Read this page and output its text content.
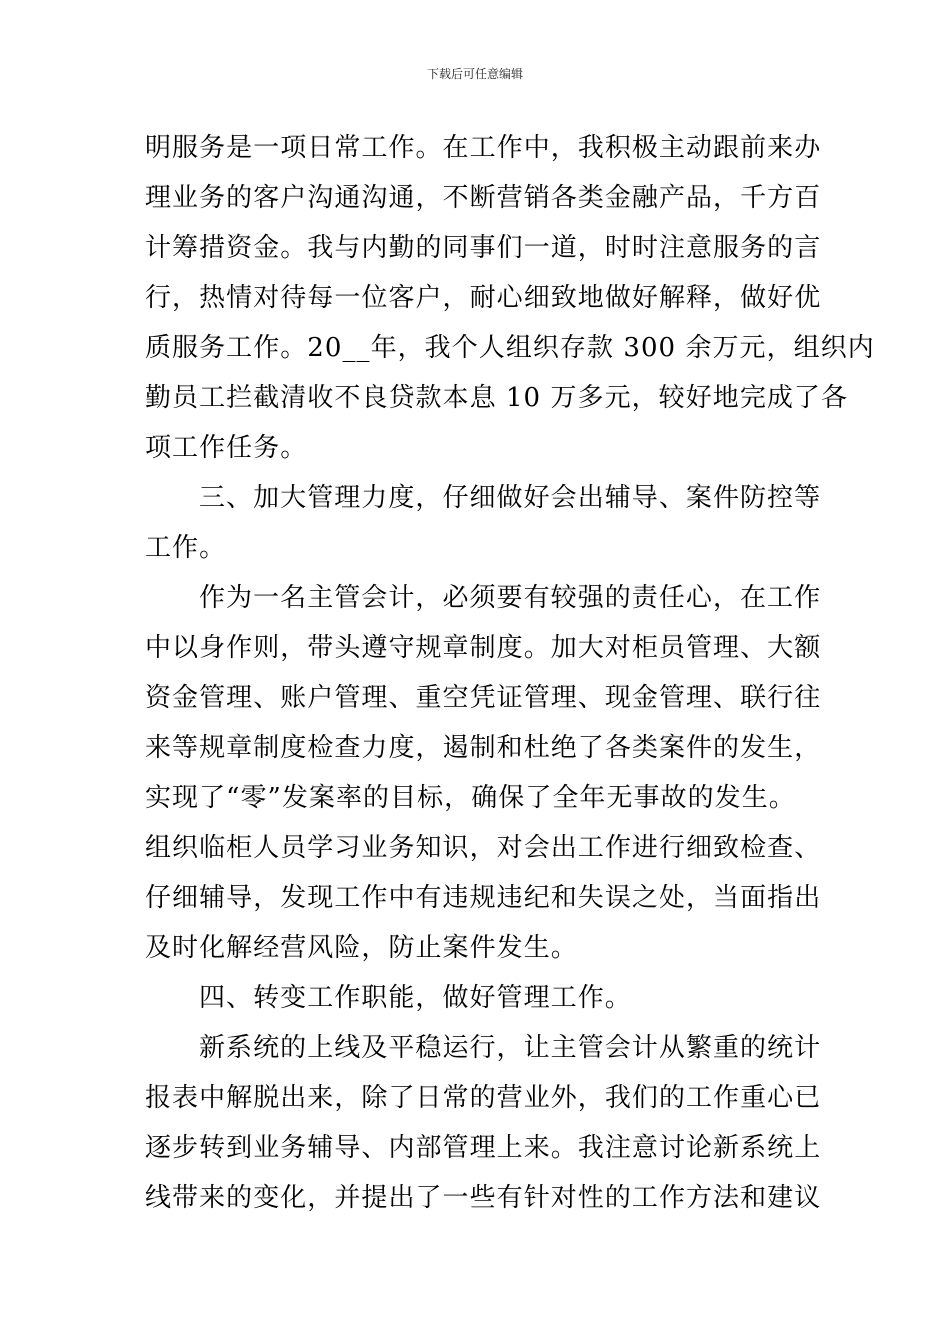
下载后可任意编辑
明服务是一项日常工作。在工作中，我积极主动跟前来办
理业务的客户沟通沟通，不断营销各类金融产品，千方百
计筹措资金。我与内勤的同事们一道，时时注意服务的言
行，热情对待每一位客户，耐心细致地做好解释，做好优
质服务工作。20__年，我个人组织存款 300 余万元，组织内
勤员工拦截清收不良贷款本息 10 万多元，较好地完成了各
项工作任务。
三、加大管理力度，仔细做好会出辅导、案件防控等
工作。
作为一名主管会计，必须要有较强的责任心，在工作
中以身作则，带头遵守规章制度。加大对柜员管理、大额
资金管理、账户管理、重空凭证管理、现金管理、联行往
来等规章制度检查力度，遏制和杜绝了各类案件的发生，
实现了“零”发案率的目标，确保了全年无事故的发生。
组织临柜人员学习业务知识，对会出工作进行细致检查、
仔细辅导，发现工作中有违规违纪和失误之处，当面指出
及时化解经营风险，防止案件发生。
四、转变工作职能，做好管理工作。
新系统的上线及平稳运行，让主管会计从繁重的统计
报表中解脱出来，除了日常的营业外，我们的工作重心已
逐步转到业务辅导、内部管理上来。我注意讨论新系统上
线带来的变化，并提出了一些有针对性的工作方法和建议
